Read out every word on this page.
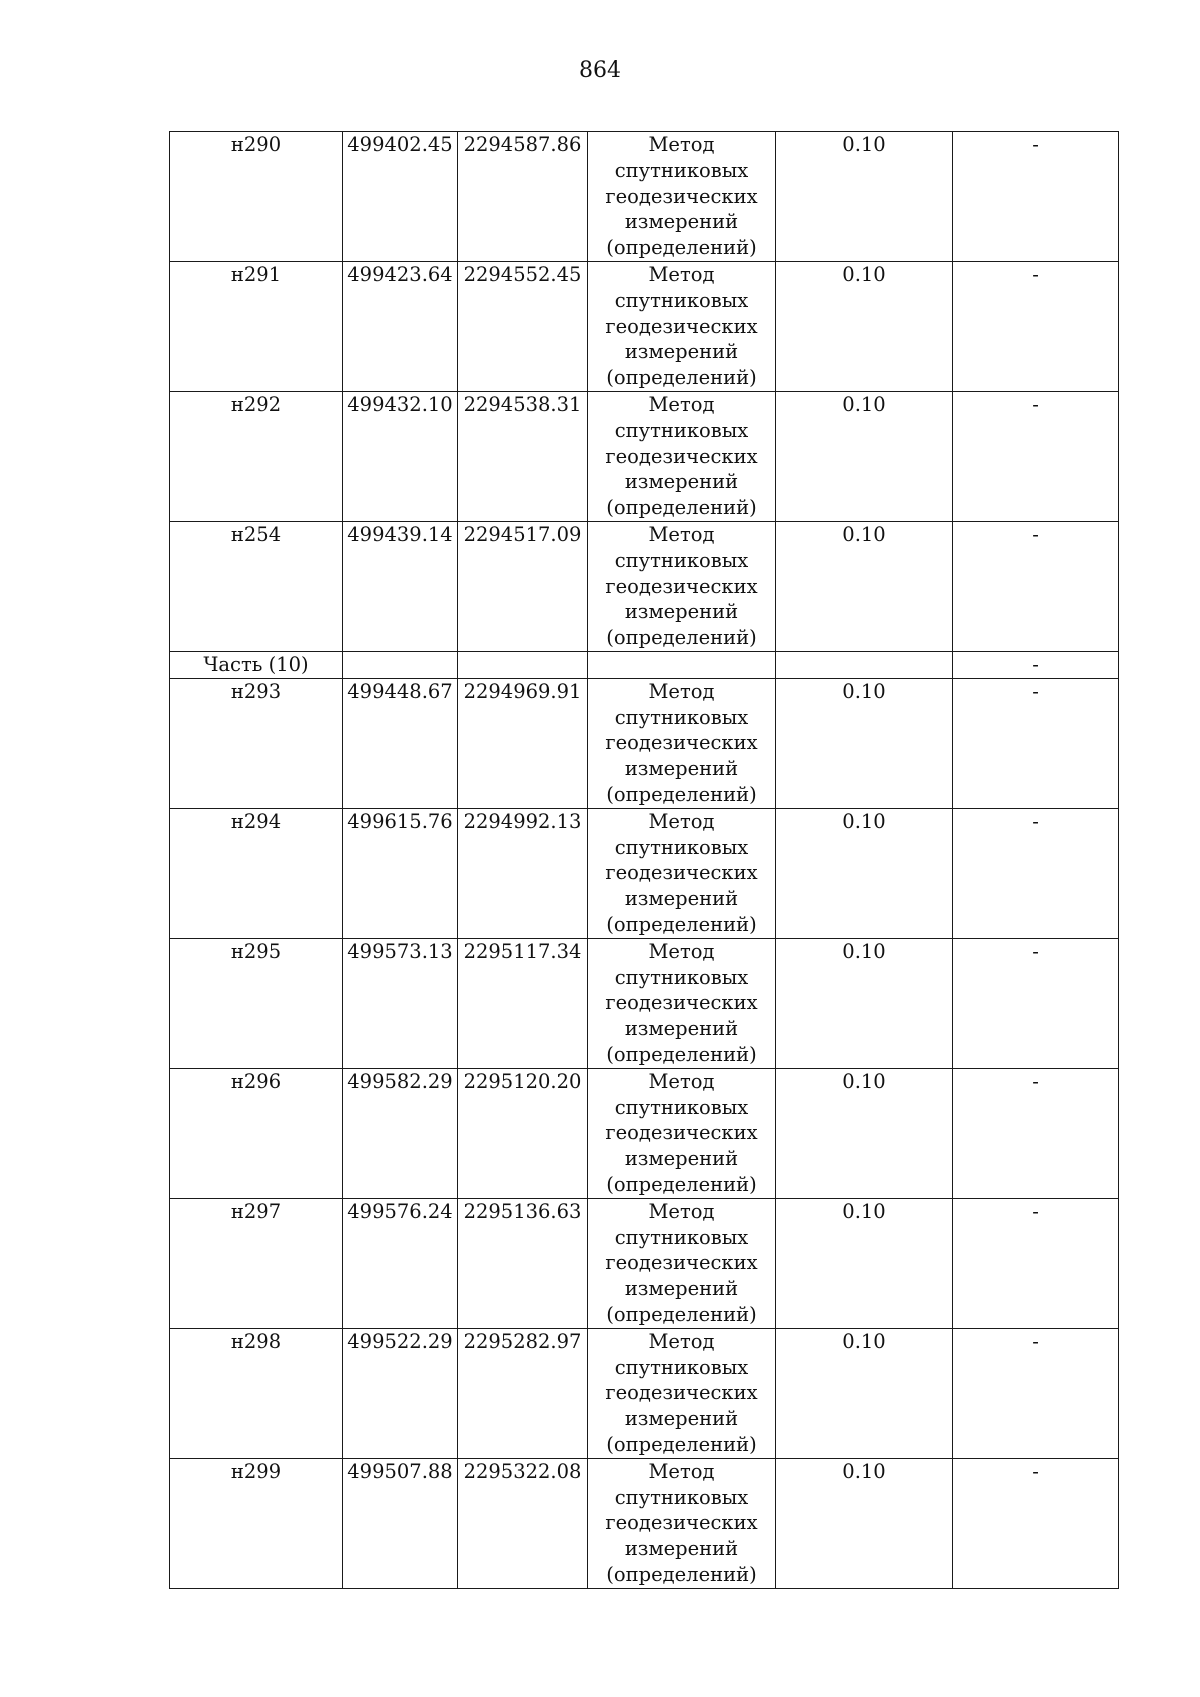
864
н290	499402.45	2294587.86	Метод спутниковых геодезических измерений (определений)	0.10	-
н291	499423.64	2294552.45	Метод спутниковых геодезических измерений (определений)	0.10	-
н292	499432.10	2294538.31	Метод спутниковых геодезических измерений (определений)	0.10	-
н254	499439.14	2294517.09	Метод спутниковых геодезических измерений (определений)	0.10	-
Часть (10)					-
н293	499448.67	2294969.91	Метод спутниковых геодезических измерений (определений)	0.10	-
н294	499615.76	2294992.13	Метод спутниковых геодезических измерений (определений)	0.10	-
н295	499573.13	2295117.34	Метод спутниковых геодезических измерений (определений)	0.10	-
н296	499582.29	2295120.20	Метод спутниковых геодезических измерений (определений)	0.10	-
н297	499576.24	2295136.63	Метод спутниковых геодезических измерений (определений)	0.10	-
н298	499522.29	2295282.97	Метод спутниковых геодезических измерений (определений)	0.10	-
н299	499507.88	2295322.08	Метод спутниковых геодезических измерений (определений)	0.10	-
